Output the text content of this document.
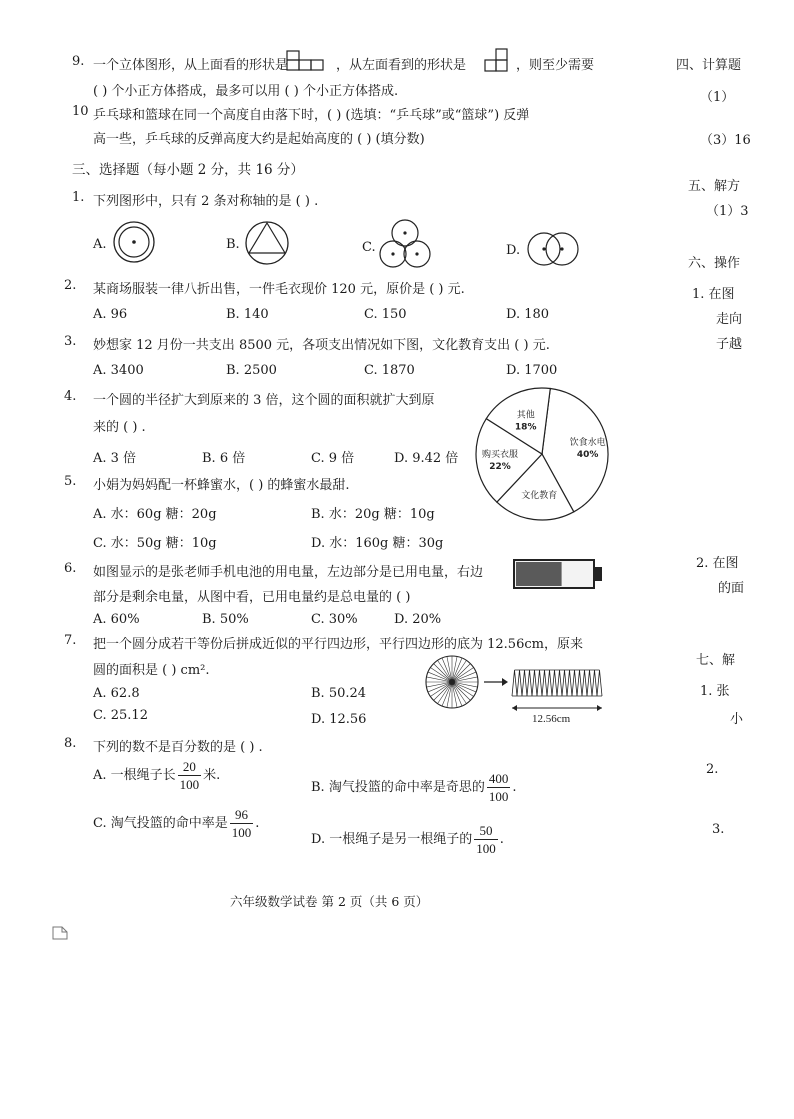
9. 一个立体图形，从上面看的形状是	，从左面看到的形状是	，则至少需要
( ) 个小正方体搭成，最多可以用 ( ) 个小正方体搭成.
10 乒乓球和篮球在同一个高度自由落下时，( ) (选填：“乒乓球”或“篮球”) 反弹
高一些，乒乓球的反弹高度大约是起始高度的 ( ) (填分数)
三、选择题（每小题 2 分，共 16 分）
1. 下列图形中，只有 2 条对称轴的是 ( ) .
A.	B.	C.	D.
2. 某商场服装一律八折出售，一件毛衣现价 120 元，原价是 ( ) 元.
A. 96	B. 140	C. 150	D. 180
3. 妙想家 12 月份一共支出 8500 元，各项支出情况如下图，文化教育支出 ( ) 元.
A. 3400	B. 2500	C. 1870	D. 1700
4. 一个圆的半径扩大到原来的 3 倍，这个圆的面积就扩大到原
来的 ( ) .
A. 3 倍	B. 6 倍	C. 9 倍	D. 9.42 倍
饮食水电
40%
文化教育
购买衣服
22%
其他
18%
5. 小娟为妈妈配一杯蜂蜜水，( ) 的蜂蜜水最甜.
A. 水：60g 糖：20g	B. 水：20g 糖：10g
C. 水：50g 糖：10g	D. 水：160g 糖：30g
6. 如图显示的是张老师手机电池的用电量，左边部分是已用电量，右边
部分是剩余电量，从图中看，已用电量约是总电量的 ( )
A. 60%	B. 50%	C. 30%	D. 20%
7. 把一个圆分成若干等份后拼成近似的平行四边形，平行四边形的底为 12.56cm，原来
圆的面积是 ( ) cm².
A. 62.8	B. 50.24
C. 25.12	D. 12.56	12.56cm
8. 下列的数不是百分数的是 ( ) .
A. 一根绳子长 $\frac{20}{100}$ 米.
B. 淘气投篮的命中率是奇思的 $\frac{400}{100}$ .
C. 淘气投篮的命中率是 $\frac{96}{100}$ .
D. 一根绳子是另一根绳子的 $\frac{50}{100}$ .
六年级数学试卷 第 2 页（共 6 页）
四、计算题
（1）
（3）16
五、解方
（1）3
六、操作
1. 在图
走向
子越
2. 在图
的面
七、解
1. 张
小
2.
3.
